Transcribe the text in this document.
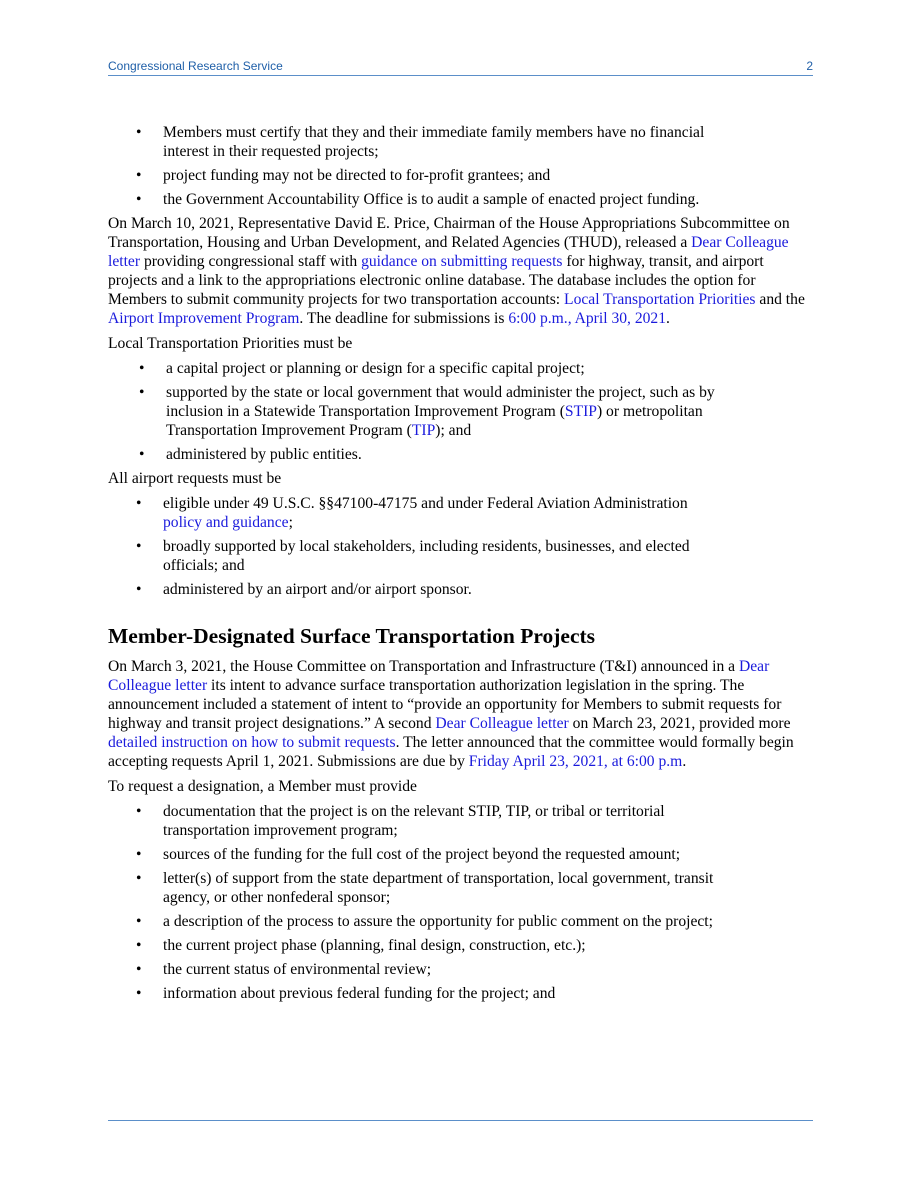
Congressional Research Service	2
• Members must certify that they and their immediate family members have no financial interest in their requested projects;
• project funding may not be directed to for-profit grantees; and
• the Government Accountability Office is to audit a sample of enacted project funding.

On March 10, 2021, Representative David E. Price, Chairman of the House Appropriations Subcommittee on Transportation, Housing and Urban Development, and Related Agencies (THUD), released a Dear Colleague letter providing congressional staff with guidance on submitting requests for highway, transit, and airport projects and a link to the appropriations electronic online database. The database includes the option for Members to submit community projects for two transportation accounts: Local Transportation Priorities and the Airport Improvement Program. The deadline for submissions is 6:00 p.m., April 30, 2021.

Local Transportation Priorities must be

• a capital project or planning or design for a specific capital project;
• supported by the state or local government that would administer the project, such as by inclusion in a Statewide Transportation Improvement Program (STIP) or metropolitan Transportation Improvement Program (TIP); and
• administered by public entities.

All airport requests must be

• eligible under 49 U.S.C. §§47100-47175 and under Federal Aviation Administration policy and guidance;
• broadly supported by local stakeholders, including residents, businesses, and elected officials; and
• administered by an airport and/or airport sponsor.
Member-Designated Surface Transportation Projects

On March 3, 2021, the House Committee on Transportation and Infrastructure (T&I) announced in a Dear Colleague letter its intent to advance surface transportation authorization legislation in the spring. The announcement included a statement of intent to “provide an opportunity for Members to submit requests for highway and transit project designations.” A second Dear Colleague letter on March 23, 2021, provided more detailed instruction on how to submit requests. The letter announced that the committee would formally begin accepting requests April 1, 2021. Submissions are due by Friday April 23, 2021, at 6:00 p.m.

To request a designation, a Member must provide

• documentation that the project is on the relevant STIP, TIP, or tribal or territorial transportation improvement program;
• sources of the funding for the full cost of the project beyond the requested amount;
• letter(s) of support from the state department of transportation, local government, transit agency, or other nonfederal sponsor;
• a description of the process to assure the opportunity for public comment on the project;
• the current project phase (planning, final design, construction, etc.);
• the current status of environmental review;
• information about previous federal funding for the project; and
